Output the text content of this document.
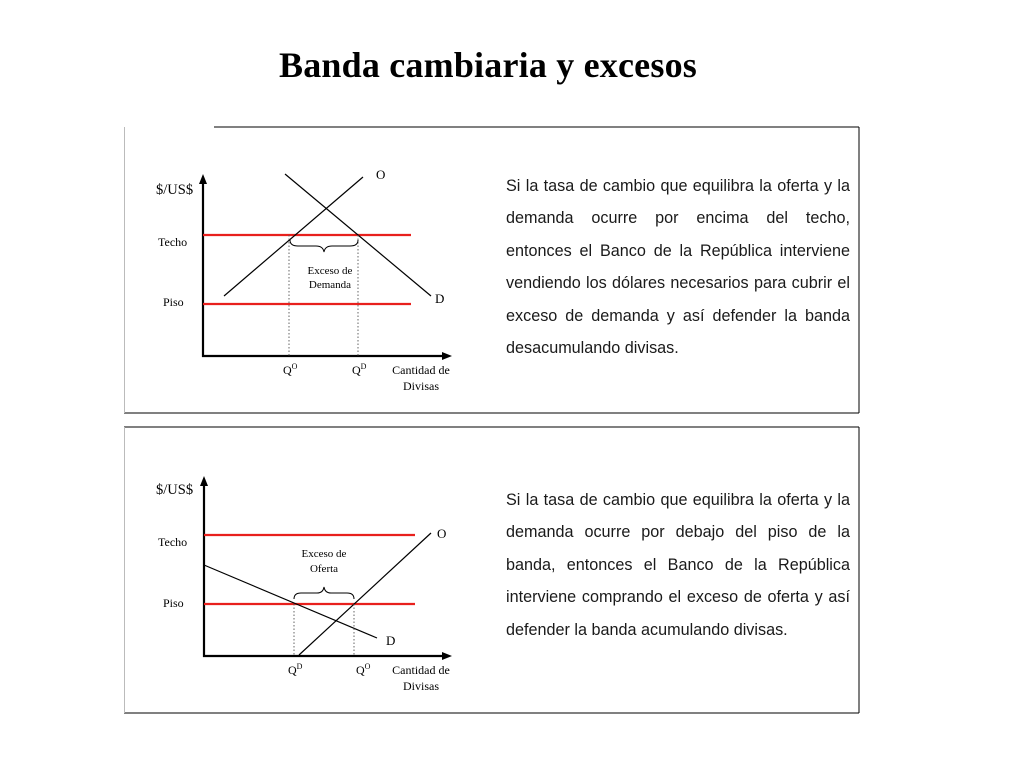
Banda cambiaria y excesos
$/US$
Techo
Piso
O
D
Exceso de
Demanda
$Q^O$	$Q^D$ Cantidad de
Divisas
Si la tasa de cambio que equilibra la oferta y la demanda ocurre por encima del techo, entonces el Banco de la República interviene vendiendo los dólares necesarios para cubrir el exceso de demanda y así defender la banda desacumulando divisas.
$/US$
Techo
Piso
O
D
Exceso de
Oferta
$Q^D$	$Q^O$ Cantidad de
Divisas
Si la tasa de cambio que equilibra la oferta y la demanda ocurre por debajo del piso de la banda, entonces el Banco de la República interviene comprando el exceso de oferta y así defender la banda acumulando divisas.
